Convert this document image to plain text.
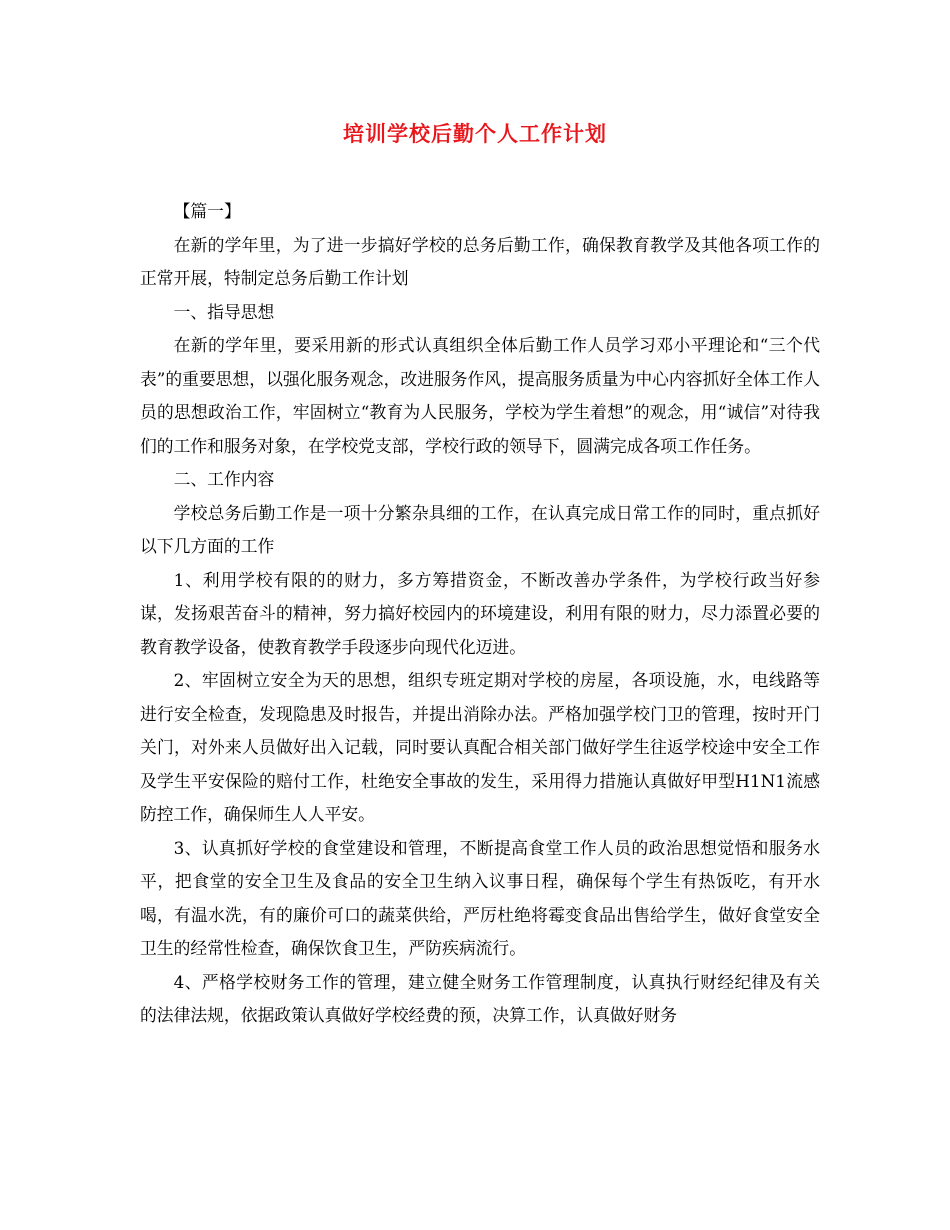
培训学校后勤个人工作计划

【篇一】

在新的学年里，为了进一步搞好学校的总务后勤工作，确保教育教学及其他各项工作的正常开展，特制定总务后勤工作计划

一、指导思想

在新的学年里，要采用新的形式认真组织全体后勤工作人员学习邓小平理论和“三个代表”的重要思想，以强化服务观念，改进服务作风，提高服务质量为中心内容抓好全体工作人员的思想政治工作，牢固树立“教育为人民服务，学校为学生着想”的观念，用“诚信”对待我们的工作和服务对象，在学校党支部，学校行政的领导下，圆满完成各项工作任务。

二、工作内容

学校总务后勤工作是一项十分繁杂具细的工作，在认真完成日常工作的同时，重点抓好以下几方面的工作

1、利用学校有限的的财力，多方筹措资金，不断改善办学条件，为学校行政当好参谋，发扬艰苦奋斗的精神，努力搞好校园内的环境建设，利用有限的财力，尽力添置必要的教育教学设备，使教育教学手段逐步向现代化迈进。

2、牢固树立安全为天的思想，组织专班定期对学校的房屋，各项设施，水，电线路等进行安全检查，发现隐患及时报告，并提出消除办法。严格加强学校门卫的管理，按时开门关门，对外来人员做好出入记载，同时要认真配合相关部门做好学生往返学校途中安全工作及学生平安保险的赔付工作，杜绝安全事故的发生，采用得力措施认真做好甲型H1N1流感防控工作，确保师生人人平安。

3、认真抓好学校的食堂建设和管理，不断提高食堂工作人员的政治思想觉悟和服务水平，把食堂的安全卫生及食品的安全卫生纳入议事日程，确保每个学生有热饭吃，有开水喝，有温水洗，有的廉价可口的蔬菜供给，严厉杜绝将霉变食品出售给学生，做好食堂安全卫生的经常性检查，确保饮食卫生，严防疾病流行。

4、严格学校财务工作的管理，建立健全财务工作管理制度，认真执行财经纪律及有关的法律法规，依据政策认真做好学校经费的预，决算工作，认真做好财务
